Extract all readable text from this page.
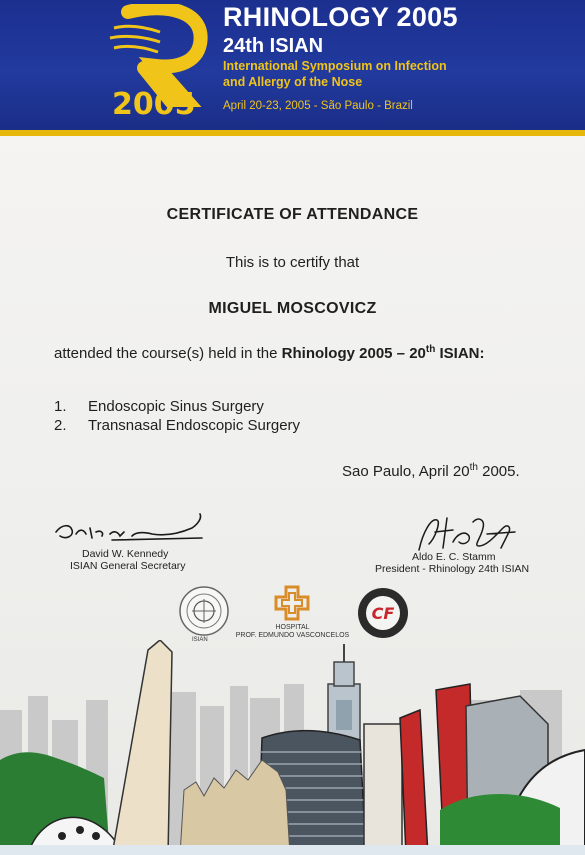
2005
RHINOLOGY 2005
24th ISIAN
International Symposium on Infection
and Allergy of the Nose
April 20-23, 2005 - São Paulo - Brazil
CERTIFICATE OF ATTENDANCE
This is to certify that
MIGUEL MOSCOVICZ
attended the course(s) held in the Rhinology 2005 – 20th ISIAN:
1. Endoscopic Sinus Surgery
2. Transnasal Endoscopic Surgery
Sao Paulo, April 20th 2005.
David W. Kennedy
ISIAN General Secretary
Aldo E. C. Stamm
President - Rhinology 24th ISIAN
ISIAN
HOSPITAL
PROF. EDMUNDO VASCONCELOS
CF
